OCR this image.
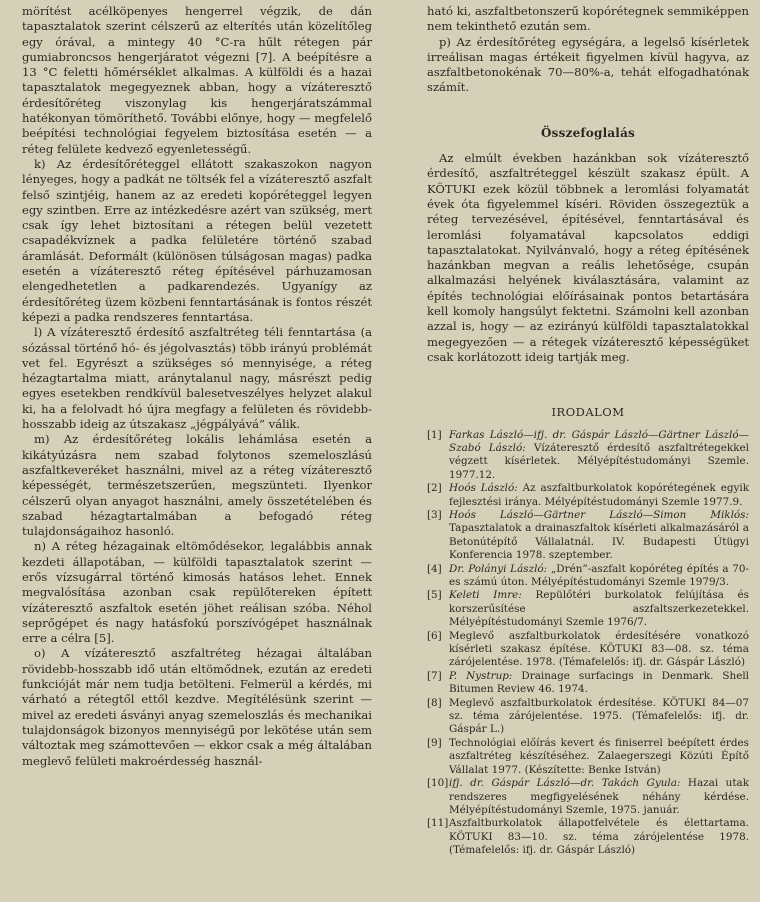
mörítést acélköpenyes hengerrel végzik, de dán tapasztalatok szerint célszerű az elterítés után közelítőleg egy órával, a mintegy 40 °C-ra hűlt rétegen pár gumiabroncsos hengerjáratot végezni [7]. A beépítésre a 13 °C feletti hőmérséklet alkalmas. A külföldi és a hazai tapasztalatok megegyeznek abban, hogy a vízáteresztő érdesítőréteg viszonylag kis hengerjáratszámmal hatékonyan tömöríthető. További előnye, hogy — megfelelő beépítési technológiai fegyelem biztosítása esetén — a réteg felülete kedvező egyenletességű.

k) Az érdesítőréteggel ellátott szakaszokon nagyon lényeges, hogy a padkát ne töltsék fel a vízáteresztő aszfalt felső szintjéig, hanem az az eredeti kopóréteggel legyen egy szintben. Erre az intézkedésre azért van szükség, mert csak így lehet biztosítani a rétegen belül vezetett csapadékvíznek a padka felületére történő szabad áramlását. Deformált (különösen túlságosan magas) padka esetén a vízáteresztő réteg építésével párhuzamosan elengedhetetlen a padkarendezés. Ugyanígy az érdesítőréteg üzem közbeni fenntartásának is fontos részét képezi a padka rendszeres fenntartása.

l) A vízáteresztő érdesítő aszfaltréteg téli fenntartása (a sózással történő hó- és jégolvasztás) több irányú problémát vet fel. Egyrészt a szükséges só mennyisége, a réteg hézagtartalma miatt, aránytalanul nagy, másrészt pedig egyes esetekben rendkívül balesetveszélyes helyzet alakul ki, ha a felolvadt hó újra megfagy a felületen és rövidebb-hosszabb ideig az útszakasz „jégpályává” válik.

m) Az érdesítőréteg lokális lehámlása esetén a kikátyúzásra nem szabad folytonos szemeloszlású aszfaltkeveréket használni, mivel az a réteg vízáteresztő képességét, természetszerűen, megszünteti. Ilyenkor célszerű olyan anyagot használni, amely összetételében és szabad hézagtartalmában a befogadó réteg tulajdonságaihoz hasonló.

n) A réteg hézagainak eltömődésekor, legalábbis annak kezdeti állapotában, — külföldi tapasztalatok szerint — erős vízsugárral történő kimosás hatásos lehet. Ennek megvalósítása azonban csak repülőtereken épített vízáteresztő aszfaltok esetén jöhet reálisan szóba. Néhol seprőgépet és nagy hatásfokú porszívógépet használnak erre a célra [5].

o) A vízáteresztő aszfaltréteg hézagai általában rövidebb-hosszabb idő után eltömődnek, ezután az eredeti funkcióját már nem tudja betölteni. Felmerül a kérdés, mi várható a rétegtől ettől kezdve. Megítélésünk szerint — mivel az eredeti ásványi anyag szemeloszlás és mechanikai tulajdonságok bizonyos mennyiségű por lekötése után sem változtak meg számottevően — ekkor csak a még általában meglevő felületi makroérdesség használ-

ható ki, aszfaltbetonszerű kopórétegnek semmiképpen nem tekinthető ezután sem.

p) Az érdesítőréteg egységára, a legelső kísérletek irreálisan magas értékeit figyelmen kívül hagyva, az aszfaltbetonokénak 70—80%-a, tehát elfogadhatónak számít.

Összefoglalás

Az elmúlt években hazánkban sok vízáteresztő érdesítő, aszfaltréteggel készült szakasz épült. A KÖTUKI ezek közül többnek a leromlási folyamatát évek óta figyelemmel kíséri. Röviden összegeztük a réteg tervezésével, építésével, fenntartásával és leromlási folyamatával kapcsolatos eddigi tapasztalatokat. Nyilvánvaló, hogy a réteg építésének hazánkban megvan a reális lehetősége, csupán alkalmazási helyének kiválasztására, valamint az építés technológiai előírásainak pontos betartására kell komoly hangsúlyt fektetni. Számolni kell azonban azzal is, hogy — az ezirányú külföldi tapasztalatokkal megegyezően — a rétegek vízáteresztő képességüket csak korlátozott ideig tartják meg.

IRODALOM
[1] Farkas László—ifj. dr. Gáspár László—Gärtner László—Szabó László: Vízáteresztő érdesítő aszfaltrétegekkel végzett kísérletek. Mélyépítéstudományi Szemle. 1977.12.
[2] Hoós László: Az aszfaltburkolatok kopórétegének egyik fejlesztési iránya. Mélyépítéstudományi Szemle 1977.9.
[3] Hoós László—Gärtner László—Simon Miklós: Tapasztalatok a drainaszfaltok kísérleti alkalmazásáról a Betonútépítő Vállalatnál. IV. Budapesti Útügyi Konferencia 1978. szeptember.
[4] Dr. Polányi László: „Drén”-aszfalt kopóréteg építés a 70-es számú úton. Mélyépítéstudományi Szemle 1979/3.
[5] Keleti Imre: Repülőtéri burkolatok felújítása és korszerűsítése aszfaltszerkezetekkel. Mélyépítéstudományi Szemle 1976/7.
[6] Meglevő aszfaltburkolatok érdesítésére vonatkozó kísérleti szakasz építése. KÖTUKI 83—08. sz. téma zárójelentése. 1978. (Témafelelős: ifj. dr. Gáspár László)
[7] P. Nystrup: Drainage surfacings in Denmark. Shell Bitumen Review 46. 1974.
[8] Meglevő aszfaltburkolatok érdesítése. KÖTUKI 84—07 sz. téma zárójelentése. 1975. (Témafelelős: ifj. dr. Gáspár L.)
[9] Technológiai előírás kevert és finiserrel beépített érdes aszfaltréteg készítéséhez. Zalaegerszegi Közúti Építő Vállalat 1977. (Készítette: Benke István)
[10] ifj. dr. Gáspár László—dr. Takách Gyula: Hazai utak rendszeres megfigyelésének néhány kérdése. Mélyépítéstudományi Szemle, 1975. január.
[11] Aszfaltburkolatok állapotfelvétele és élettartama. KÖTUKI 83—10. sz. téma zárójelentése 1978. (Témafelelős: ifj. dr. Gáspár László)
